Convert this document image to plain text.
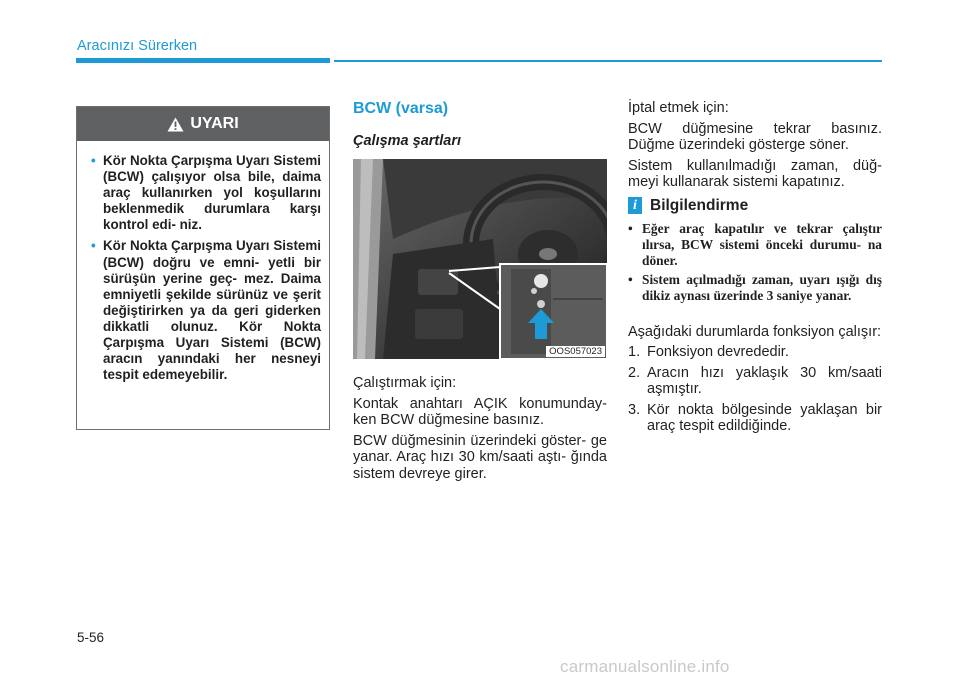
Aracınızı Sürerken
UYARI
• Kör Nokta Çarpışma Uyarı Sistemi (BCW) çalışıyor olsa bile, daima araç kullanırken yol koşullarını beklenmedik durumlara karşı kontrol edi- niz.
• Kör Nokta Çarpışma Uyarı Sistemi (BCW) doğru ve emni- yetli bir sürüşün yerine geç- mez. Daima emniyetli şekilde sürünüz ve şerit değiştirirken ya da geri giderken dikkatli olunuz. Kör Nokta Çarpışma Uyarı Sistemi (BCW) aracın yanındaki her nesneyi tespit edemeyebilir.
BCW (varsa)
Çalışma şartları
OOS057023

Çalıştırmak için:

Kontak anahtarı AÇIK konumunday- ken BCW düğmesine basınız.

BCW düğmesinin üzerindeki göster- ge yanar. Araç hızı 30 km/saati aştı- ğında sistem devreye girer.

İptal etmek için:

BCW düğmesine tekrar basınız. Düğme üzerindeki gösterge söner.

Sistem kullanılmadığı zaman, düğ- meyi kullanarak sistemi kapatınız.

i Bilgilendirme
• Eğer araç kapatılır ve tekrar çalıştır ılırsa, BCW sistemi önceki durumu- na döner.
• Sistem açılmadığı zaman, uyarı ışığı dış dikiz aynası üzerinde 3 saniye yanar.

Aşağıdaki durumlarda fonksiyon çalışır:

1. Fonksiyon devrededir.
2. Aracın hızı yaklaşık 30 km/saati aşmıştır.
3. Kör nokta bölgesinde yaklaşan bir araç tespit edildiğinde.
5-56
carmanualsonline.info
